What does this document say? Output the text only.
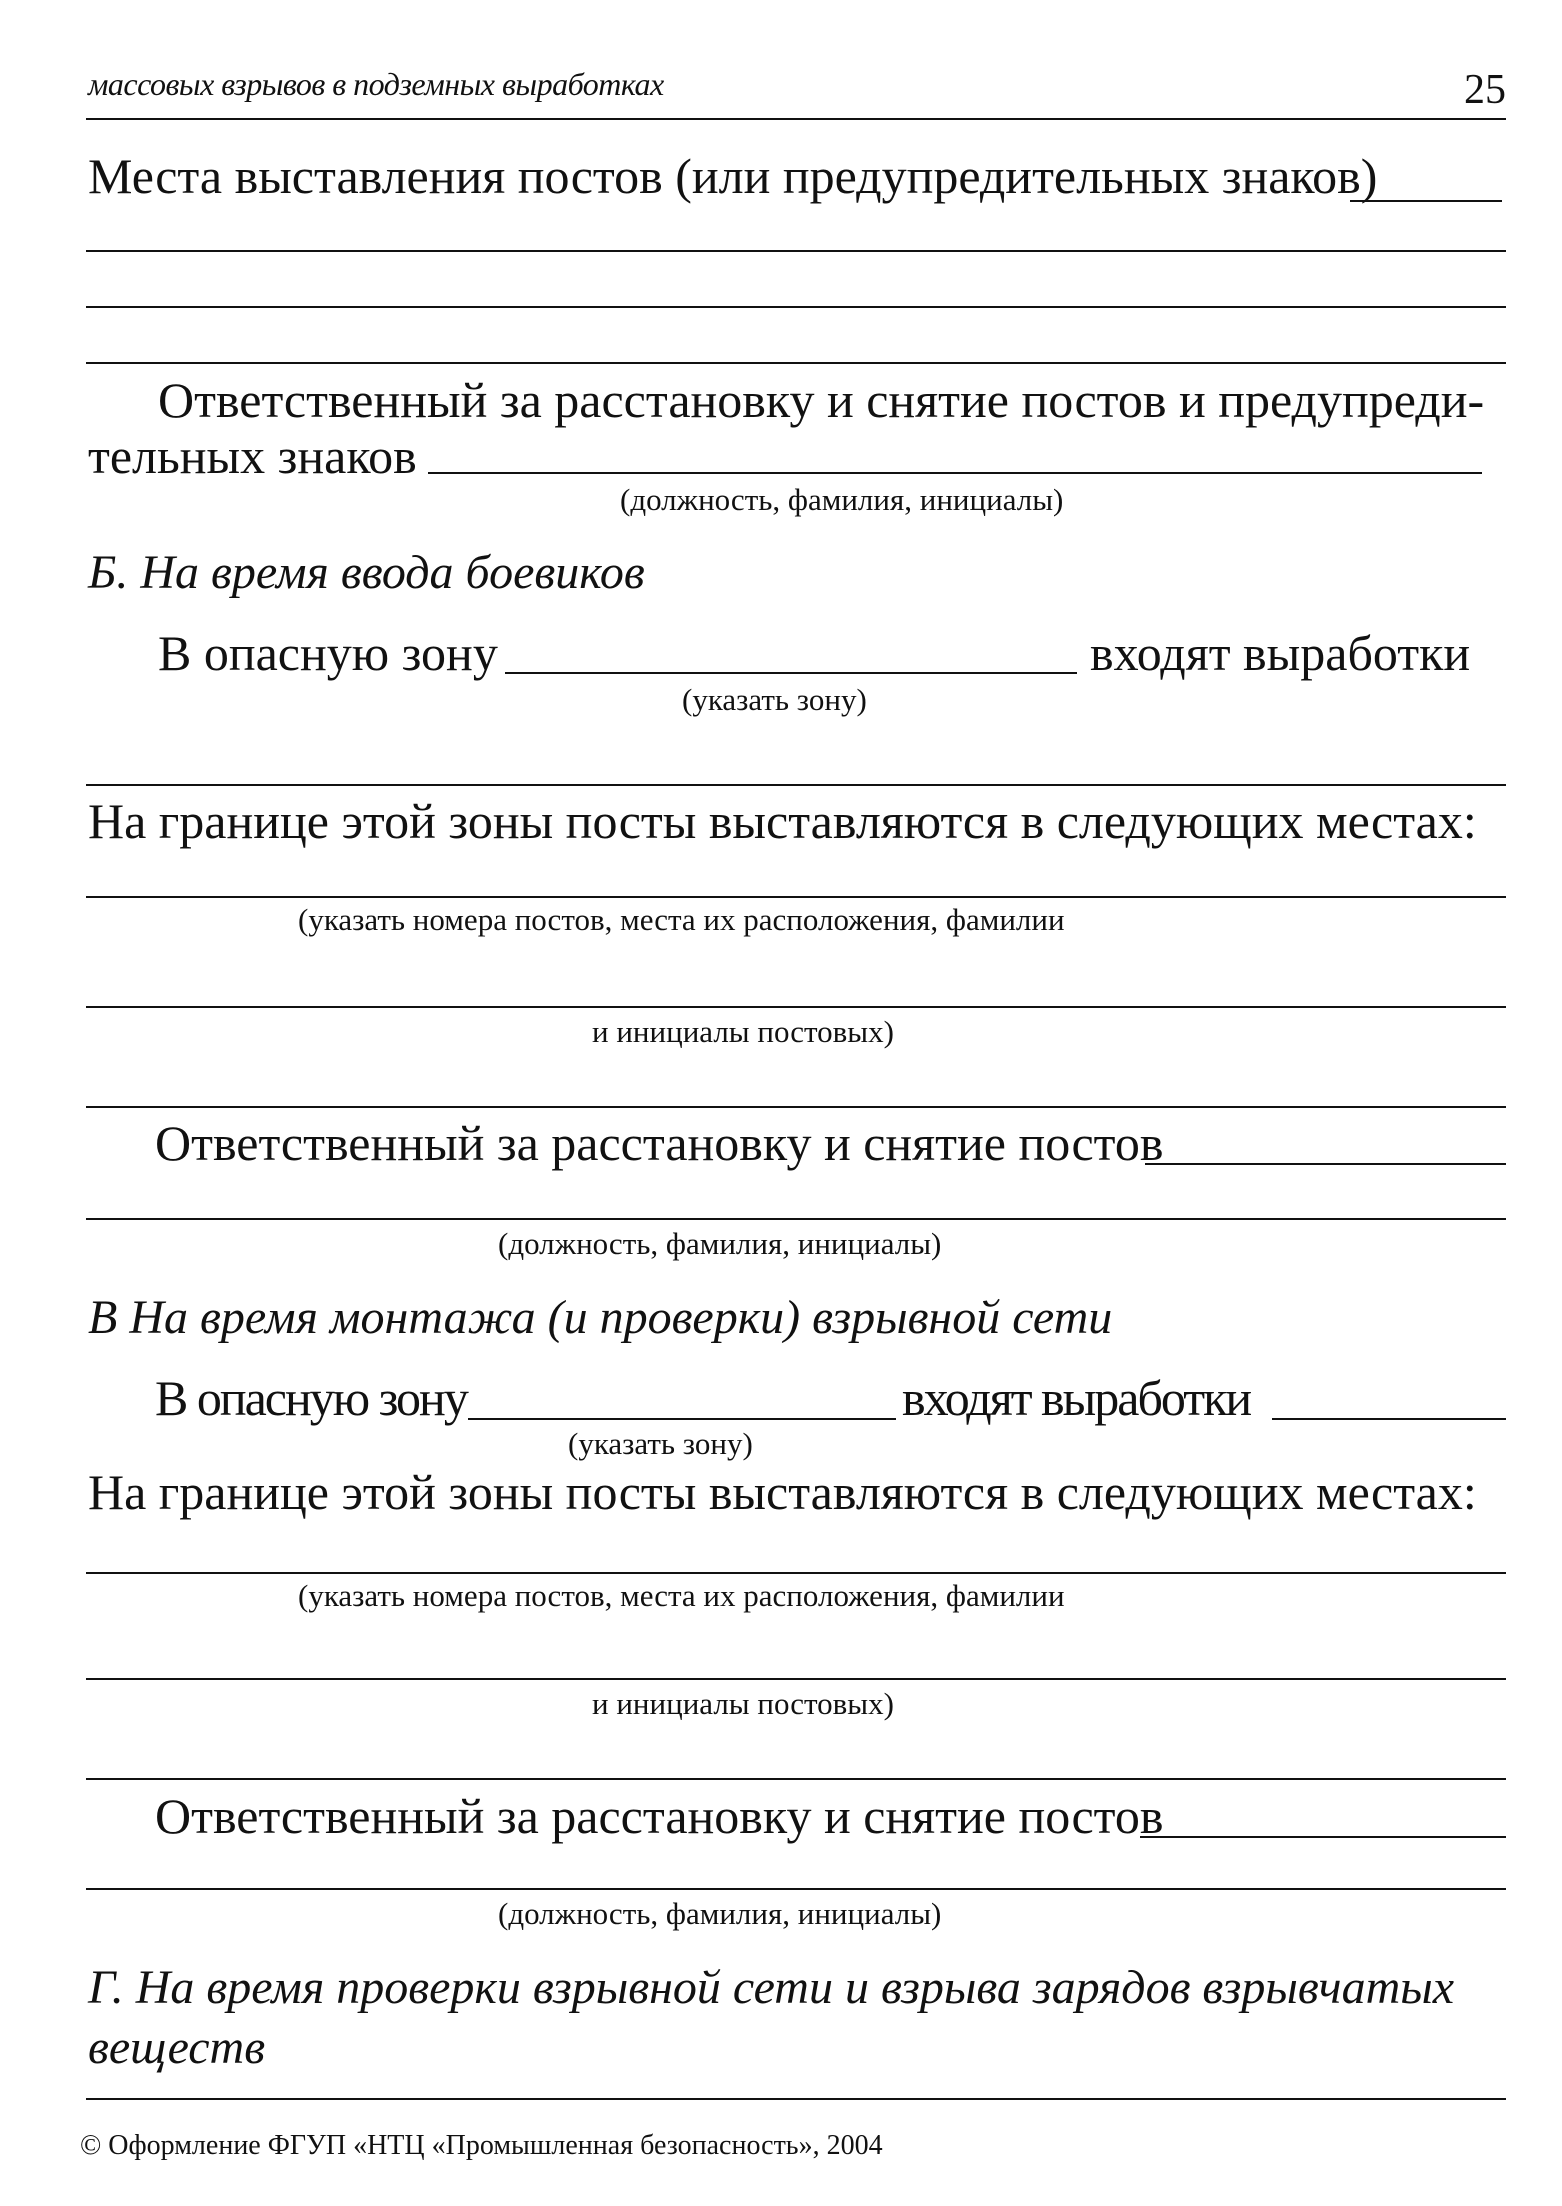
массовых взрывов в подземных выработках	25
Места выставления постов (или предупредительных знаков)
Ответственный за расстановку и снятие постов и предупреди-
тельных знаков
(должность, фамилия, инициалы)
Б. На время ввода боевиков
В опасную зону	входят выработки
(указать зону)
На границе этой зоны посты выставляются в следующих местах:
(указать номера постов, места их расположения, фамилии
и инициалы постовых)
Ответственный за расстановку и снятие постов
(должность, фамилия, инициалы)
В На время монтажа (и проверки) взрывной сети
В опасную зону	входят выработки
(указать зону)
На границе этой зоны посты выставляются в следующих местах:
(указать номера постов, места их расположения, фамилии
и инициалы постовых)
Ответственный за расстановку и снятие постов
(должность, фамилия, инициалы)
Г. На время проверки взрывной сети и взрыва зарядов взрывчатых
веществ
© Оформление ФГУП «НТЦ «Промышленная безопасность», 2004
